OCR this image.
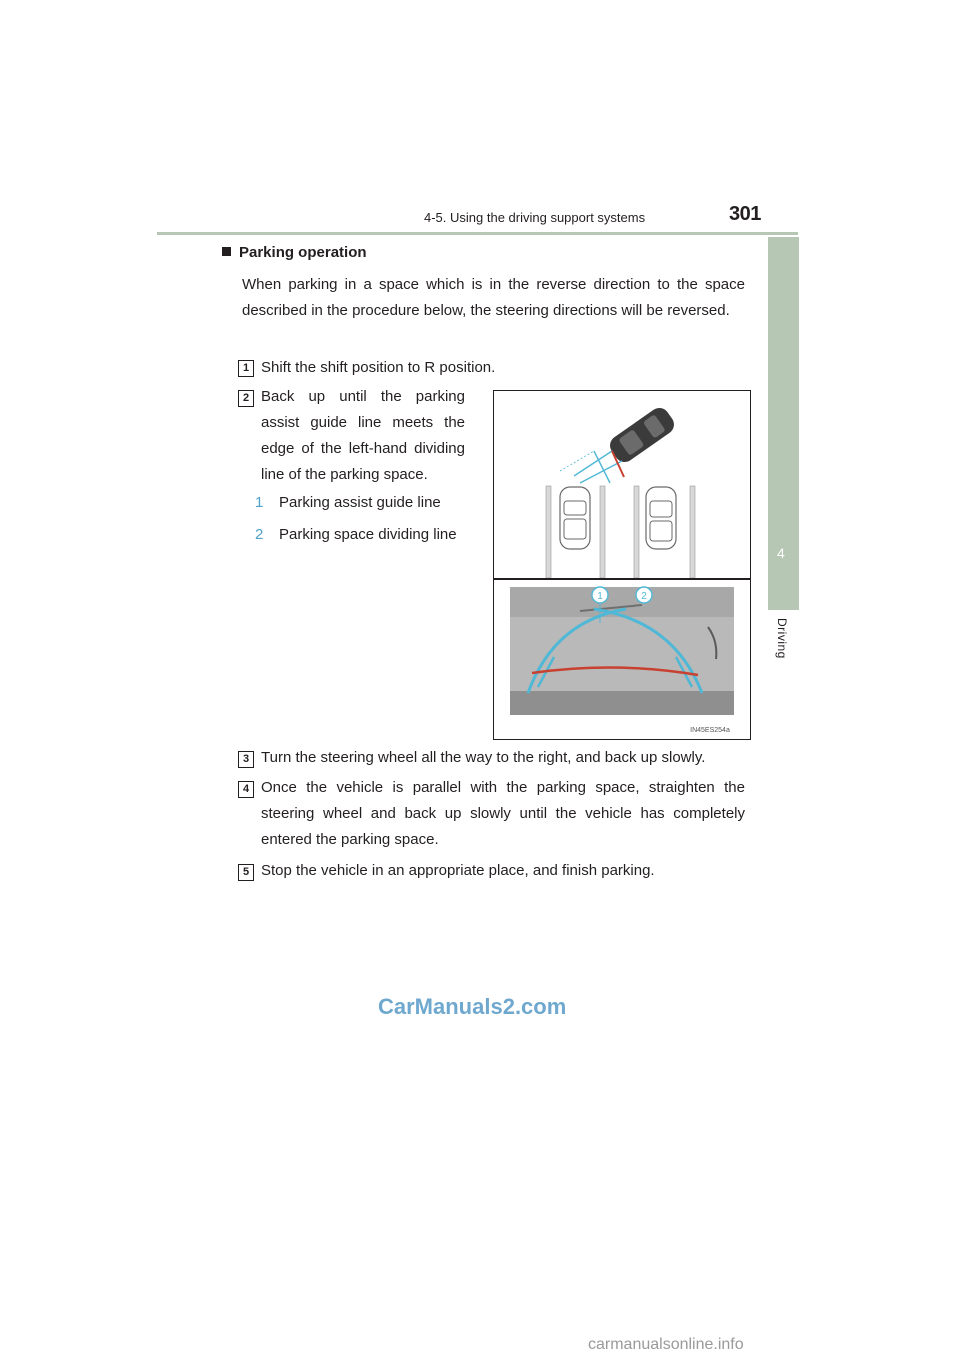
4-5. Using the driving support systems	301
4
Driving
Parking operation
When parking in a space which is in the reverse direction to the space described in the procedure below, the steering directions will be reversed.
1 Shift the shift position to R position.
2 Back up until the parking assist guide line meets the edge of the left-hand dividing line of the parking space.
1 Parking assist guide line
2 Parking space dividing line
1	2
IN45ES254a
3 Turn the steering wheel all the way to the right, and back up slowly.
4 Once the vehicle is parallel with the parking space, straighten the steering wheel and back up slowly until the vehicle has completely entered the parking space.
5 Stop the vehicle in an appropriate place, and finish parking.
CarManuals2.com
carmanualsonline.info
